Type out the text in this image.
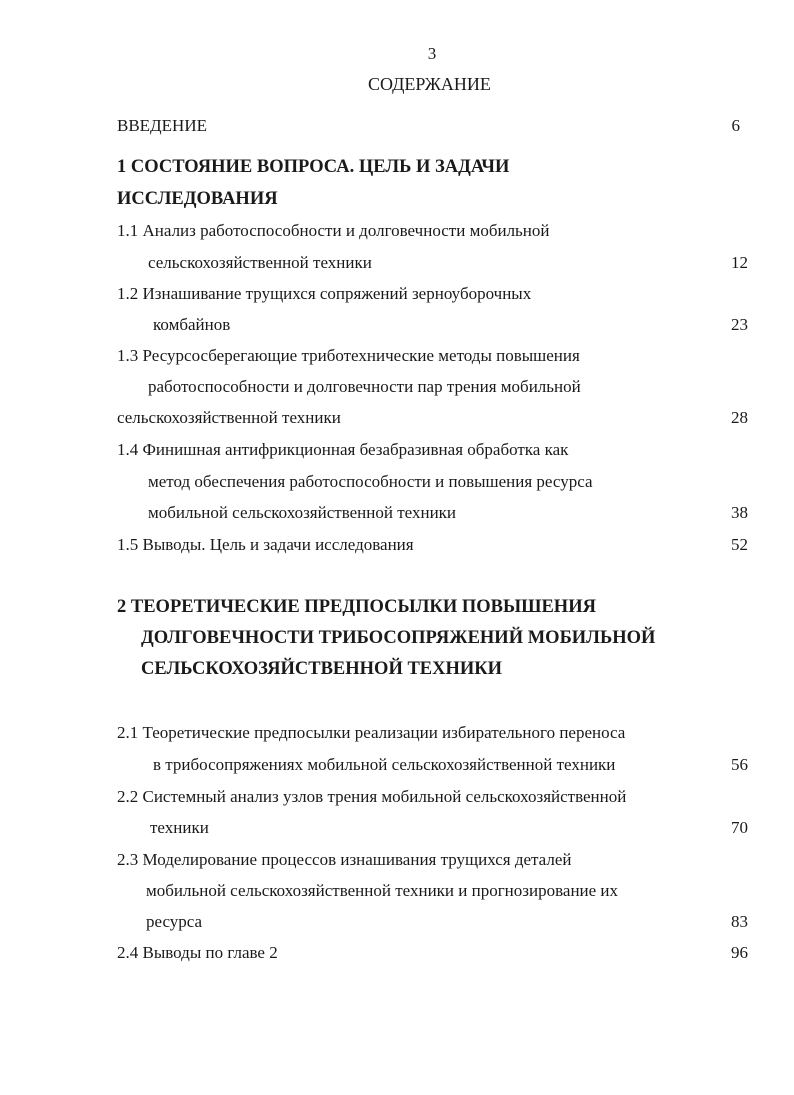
3
СОДЕРЖАНИЕ
ВВЕДЕНИЕ	6
1 СОСТОЯНИЕ ВОПРОСА. ЦЕЛЬ И ЗАДАЧИ
ИССЛЕДОВАНИЯ
1.1 Анализ работоспособности и долговечности мобильной
сельскохозяйственной техники	12
1.2 Изнашивание трущихся сопряжений зерноуборочных
комбайнов	23
1.3 Ресурсосберегающие триботехнические методы повышения
работоспособности и долговечности пар трения мобильной
сельскохозяйственной техники	28
1.4 Финишная антифрикционная безабразивная обработка как
метод обеспечения работоспособности и повышения ресурса
мобильной сельскохозяйственной техники	38
1.5 Выводы. Цель и задачи исследования	52
2 ТЕОРЕТИЧЕСКИЕ ПРЕДПОСЫЛКИ ПОВЫШЕНИЯ
ДОЛГОВЕЧНОСТИ ТРИБОСОПРЯЖЕНИЙ МОБИЛЬНОЙ
СЕЛЬСКОХОЗЯЙСТВЕННОЙ ТЕХНИКИ
2.1 Теоретические предпосылки реализации избирательного переноса
в трибосопряжениях мобильной сельскохозяйственной техники	56
2.2 Системный анализ узлов трения мобильной сельскохозяйственной
техники	70
2.3 Моделирование процессов изнашивания трущихся деталей
мобильной сельскохозяйственной техники и прогнозирование их
ресурса	83
2.4 Выводы по главе 2	96
